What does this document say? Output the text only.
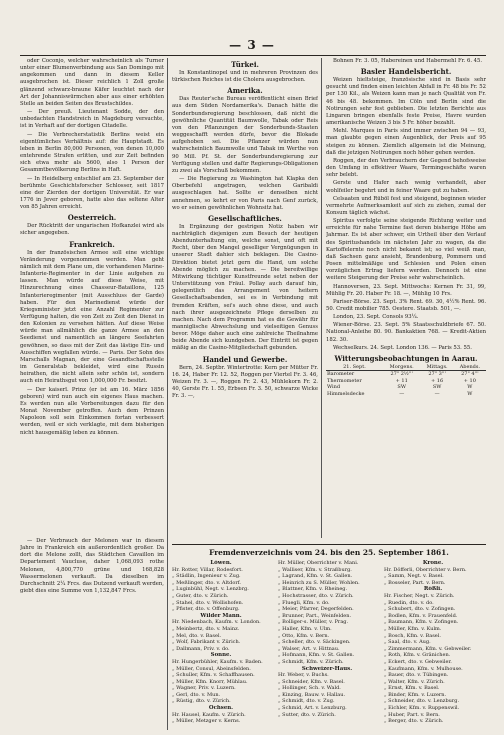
— 3 —

oder Coconjo, welcher wahrscheinlich als Turner unter einer Blumenverbindung aus San Domingo mit angekommen und dann in diesem Keller ausgebrochen ist. Dieser reichlich 1 Zoll große glänzend schwarz-braune Käfer leuchtet nach der Art der Johanniswürmchen aber aus einer erhöhten Stelle an beiden Seiten des Brustschildes.

— Der preuß. Lieutenant Sodde, der den unbedachten Handstreich in Magdeburg versuchte, ist in Verhaft auf der dortigen Citadelle.

— Die Verbrecherstatistik Berlins weist ein eigentümliches Verhältnis auf: die Hauptstadt. Es leben in Berlin 80,000 Personen, von denen 10,000 entehrende Strafen erlitten, und zur Zeit befinden sich etwa mehr als 5600, also 1 Person der Gesammtbevölkerung Berlins in Haft.

— In Heidelberg entschlief am 23. September der berühmte Geschichtsforscher Schlosser, seit 1817 eine der Zierden der dortigen Universität. Er war 1776 in Jever geboren, hatte also das seltene Alter von 85 Jahren erreicht.

Oesterreich.

Der Rücktritt der ungarischen Hofkanzlei wird als sicher angegeben.

Frankreich.

In der französischen Armee soll eine wichtige Veränderung vorgenommen werden. Man geht nämlich mit dem Plane um, die vorhandenen Marine-Infanterie-Regimenter in der Linie aufgehen zu lassen. Man würde auf diese Weise, mit Hinzurechnung eines Chasseur-Bataillons, 125 Infanterieregimenter (mit Ausschluss der Garde) haben. Für den Marinedienst würde der Kriegsminister jetzt eine Anzahl Regimenter zur Verfügung halten, die von Zeit zu Zeit den Dienst in den Kolonien zu versehen hätten. Auf diese Weise würde man allmählich die ganze Armee an den Seedienst und namentlich an längere Seefahrten gewöhnen, so dass mit der Zeit das lästige Ein- und Ausschiffen wegfallen würde. — Paris. Der Sohn des Marschalls Magnan, der eine Gesandtschaftsstelle im Generalstab bekleidet, wird eine Russin heirathen, die nicht allein sehr schön ist, sondern auch ein Heirathsgut von 1,000,000 Fr. besitzt.

— Der kaiserl. Prinz (er ist am 16. März 1856 geboren) wird nun auch ein eigenes Haus machen. Es werden nun alle Vorbereitungen dazu für den Monat November getroffen. Auch dem Prinzen Napoleon soll sein Einkommen fortan verbessert werden, weil er sich verklagte, mit dem bisherigen nicht hausgemäßig leben zu können.

— Der Verbrauch der Melonen war in diesem Jahre in Frankreich ein außerordentlich großer. Da dort die Melone zollt, das Städtchen Cavaillon im Departement Vaucluse, daher 1,068,093 rothe Melonen, 4,800,770 grüne und 168,828 Wassermelonen verkauft. Da dieselben im Durchschnitt 2¼ Frcs. das Dutzend verkauft werden, giebt dies eine Summe von 1,132,847 Frcs.

Türkei.

In Konstantinopel und in mehreren Provinzen des türkischen Reiches ist die Cholera ausgebrochen.

Amerika.

Das Reuter'sche Bureau veröffentlicht einen Brief aus dem Süden Nordamerika's. Danach hätte die Sonderbundsregierung beschlossen, daß nicht die gewöhnliche Quantität Baumwolle, Tabak oder Reis von den Pflanzungen der Sonderbunds-Staaten weggeschafft werden dürfe, bevor die Blokade aufgehoben sei. Die Pflanzer würden nun wahrscheinlich Baumwolle und Tabak im Werthe von 90 Mill. Pf. St. der Sonderbundsregierung zur Verfügung stellen und dafür Regierungs-Obligationen zu zwei als Vorschuß bekommen.

— Die Regierung zu Washington hat Klapka den Oberbefehl angetragen, welchen Garibaldi ausgeschlagen hat. Sollte er denselben nicht annehmen, so kehrt er von Paris nach Genf zurück, wo er seinen gewöhnlichen Wohnsitz hat.

Gesellschaftliches.

In Ergänzung der gestrigen Notiz haben wir nachträglich diejenigen zum Besuch der heutigen Abendunterhaltung ein, welche sonst, und oft mit Recht, über den Mangel geselliger Vergnügungen in unserer Stadt dahier sich beklagen. Die Casino-Direktion bietet jetzt gern die Hand, um solche Abende möglich zu machen. — Die bereitwillige Mitwirkung tüchtiger Kunstfreunde setzt neben der Unterstützung von Fräul. Pollay auch darauf hin, gelegentlich das Arrangement von heitern Gesellschaftsabenden, sei es in Verbindung mit fremden Kräften, sei's auch ohne diese, und auch nach ihrer ausgezeichnete Pflege derselben zu machen. Nach dem Programm hat es die Gewähr für manniglische Abwechslung und vielseitigen Genuss bevor. Möge daher auch eine zahlreiche Theilnahme beide Abende sich kundgeben. Der Eintritt ist gegen mäßig an die Casino-Mitgliedschaft gebunden.

Handel und Gewerbe.

Bern, 24. Septbr. Wintertrotte: Kern per Mütter Fr. 16. 24, Haber Fr. 12. 52, Roggen per Viertel Fr. 3. 46, Weizen Fr. 3. —, Roggen Fr. 2. 43, Mühlekorn Fr. 2. 40, Gerste Fr. 1. 55, Erbsen Fr. 3. 50, schwarze Wicke Fr. 3. —,

Bohnen Fr. 3. 05, Habereinen und Habermehl Fr. 6. 45.

Basler Handelsbericht.

Weizen hieltsteige, französische sind in Basis sehr gesucht und finden einen leichten Abfall in Fr. 48 bis Fr. 52 per 130 Kil., als Weizen kann man je nach Qualität von Fr. 46 bis 48. bekommen. Im Cöln und Berlin sind die Notirungen sehr fest geblieben. Die letzten Berichte aus Lingaren bringen ebenfalls feste Preise, Havre wurden amerikanische Weizen 3 bis 5 Fr. höher bezahlt.

Mehl. Marques in Paris sind immer zwischen 94 — 93, man glaubte gegen einen Augenblick, der Preis auf 95 steigen zu können. Ziemlich allgemein ist die Meinung, daß die jetzigen Notirungen noch höher gehen werden.

Roggen, der den Verbrauchern der Gegend behofsweise den Umfang in effektiver Waare, Termingeschäfte waren sehr belebt.

Gerste und Hafer nach wenig verhandelt, aber wohlfeiler begehrt und in feiner Waare gut zu haben.

Celsaaten und Rüböl fest und steigend, beginnen wieder vermehrte Aufmerksamkeit auf sich zu ziehen, zumal der Konsum täglich wächst.

Spiritus verfolgte seine steigende Richtung weiter und erreichte für nahe Termine fast deren bisherige Höhe am Jahrmar. Es ist aber schwer, ein Urtheil über den Verlauf des Spiritushandels im nächsten Jahr zu wagen, da die Kartoffelernte noch nicht bekannt ist; so viel weiß man, daß Sachsen ganz ansieht, Brandenburg, Pommern und Posen mittelmäßige und Schlesien und Polen einen vorzüglichen Ertrag liefern werden. Dennoch ist eine weitere Steigerung der Preise sehr wahrscheinlich.

Hannoversen, 23. Sept. Mittwochs: Kernen Fr. 31, 99, Mühlig Fr. 20. Haber Fr. 18. —, Mühlig 10 Frs.

Pariser-Börse. 23. Sept. 3% Rent. 69. 30, 4½% Rent. 96. 50. Credit mobilier 785. Oestere. Staatsb. 501, —.

London, 23. Sept. Consols 93¼.

Wiener-Börse. 23. Sept. 5% Staatsschuldbriefe 67. 50. National-Anleihe 80. 90. Bankaktien 768. — Kredit-Aktien 182. 30.

Wechselkurs. 24. Sept. London 136. — Paris 53. 55.

Witterungsbeobachtungen in Aarau.
21. Sept.	Morgens.	Mittags.	Abends.
Barometer	27" 2½'''	27" 3'''	27" 4'''
Thermometer	+ 11	+ 16	+ 10
Wind	SW	SW	W
Himmelsdecke	—	—	W
Fremdenverzeichnis vom 24. bis den 25. September 1861.
Löwen.
Hr. Rotter, Villar, Rodesfort.
„ Städlin, Ingenieur v. Zug.
„ Meßlinger, dto. v. Altdorf.
„ Luginbühl, Negt. v. Lenzbrg.
„ Guter, dto. v. Zürich.
„ Stahel, dto. v. Wollishofen.
„ Pfister, dto. v. Offenburg.
Wilder Mann.
Hr. Niedenbach, Kaufm. v. London.
„ Meinbertz, dto. v. Mainz.
„ Mel, dto. v. Basel.
„ Wolf, Fabrikant v. Zürich.
„ Dallmann, Priv. v. do.
Sonne.
Hr. Hungerbühler, Kaufm. v. Baden.
„ Müller, Consul, Abeinsfelden.
„ Schuller, Kfm. v. Schaffhausen.
„ Müller, Kfm. Knorr, Mühlau.
„ Wagner, Priv. v. Luzern.
„ Gerl, dto. v. Mun.
„ Rüstig, dto. v. Zürich.
Ochsen.
Hr. Hausel, Kaufm. v. Zürich.
„ Müller, Metzger v. Kerns.
Hr. Müller, Oberrichter v. Mani.
„ Walliser, Kfm. v. Straßburg.
„ Lagrand, Kfm. v. St. Gallen.
„ Heinrich zu S. Müller, Wohlen.
„ Blattner, Kfm. v. Rheineg.
„ Hochstrasser, dto. v. Zürich.
„ Fluegli, Kfm. v. do.
„ Meier, Pfarrer, Degerfelden.
„ Brunner, Part., Weinfelden.
„ Bolliger-s. Müller, v. Prag.
„ Haller, Kfm. v. Ulm.
„ Otto, Kfm. v. Bern.
„ Scheller, dto. v. Säckingen.
„ Walser, Art. v. Hittnau.
„ Hofmann, Kfm. v. St. Gallen.
„ Schmidt, Kfm. v. Zürich.
Schweizer-Haus.
Hr. Weber, v. Buchs.
„ Schneider, Kfm. v. Basel.
„ Hollinger, Sch. v. Wald.
„ Kinzing, Bauw. v. Hallau.
„ Schmidt, dto. v. Zug.
„ Schmid, Art. v. Lenzburg.
„ Sutter, dto. v. Zürich.
Krone.
Hr. Döfferli, Oberrichter v. Bern.
„ Samm, Negt. v. Basel.
„ Bosseler, Part. v. Bern.
Rößli.
Hr. Fischer, Negt. v. Zürich.
„ Ruedin, dto. v. do.
„ Schubert, dto. v. Zofingen.
„ Bodlen, Kfm. v. Frauenfeld.
„ Baumann, Kfm. v. Zofingen.
„ Müller, Kfm. v. Kulm.
„ Bosch, Kfm. v. Basel.
„ Saal, dto. v. Aug.
„ Zimmermann, Kfm. v. Gebweiler.
„ Roth, Kfm. v. Gränichen.
„ Eckert, dto. v. Gebweiler.
„ Kaufmann, Kfm. v. Mulhouse.
„ Bauer, dto. v. Tübingen.
„ Walter, Kfm. v. Zürich.
„ Ernst, Kfm. v. Basel.
„ Binder, Kfm. v. Luzern.
„ Schneider, dto. v. Lenzburg.
„ Eichler, Kfm. v. Ruppenswil.
„ Huber, Part. v. Bern.
„ Berger, dto. v. Zürich.
